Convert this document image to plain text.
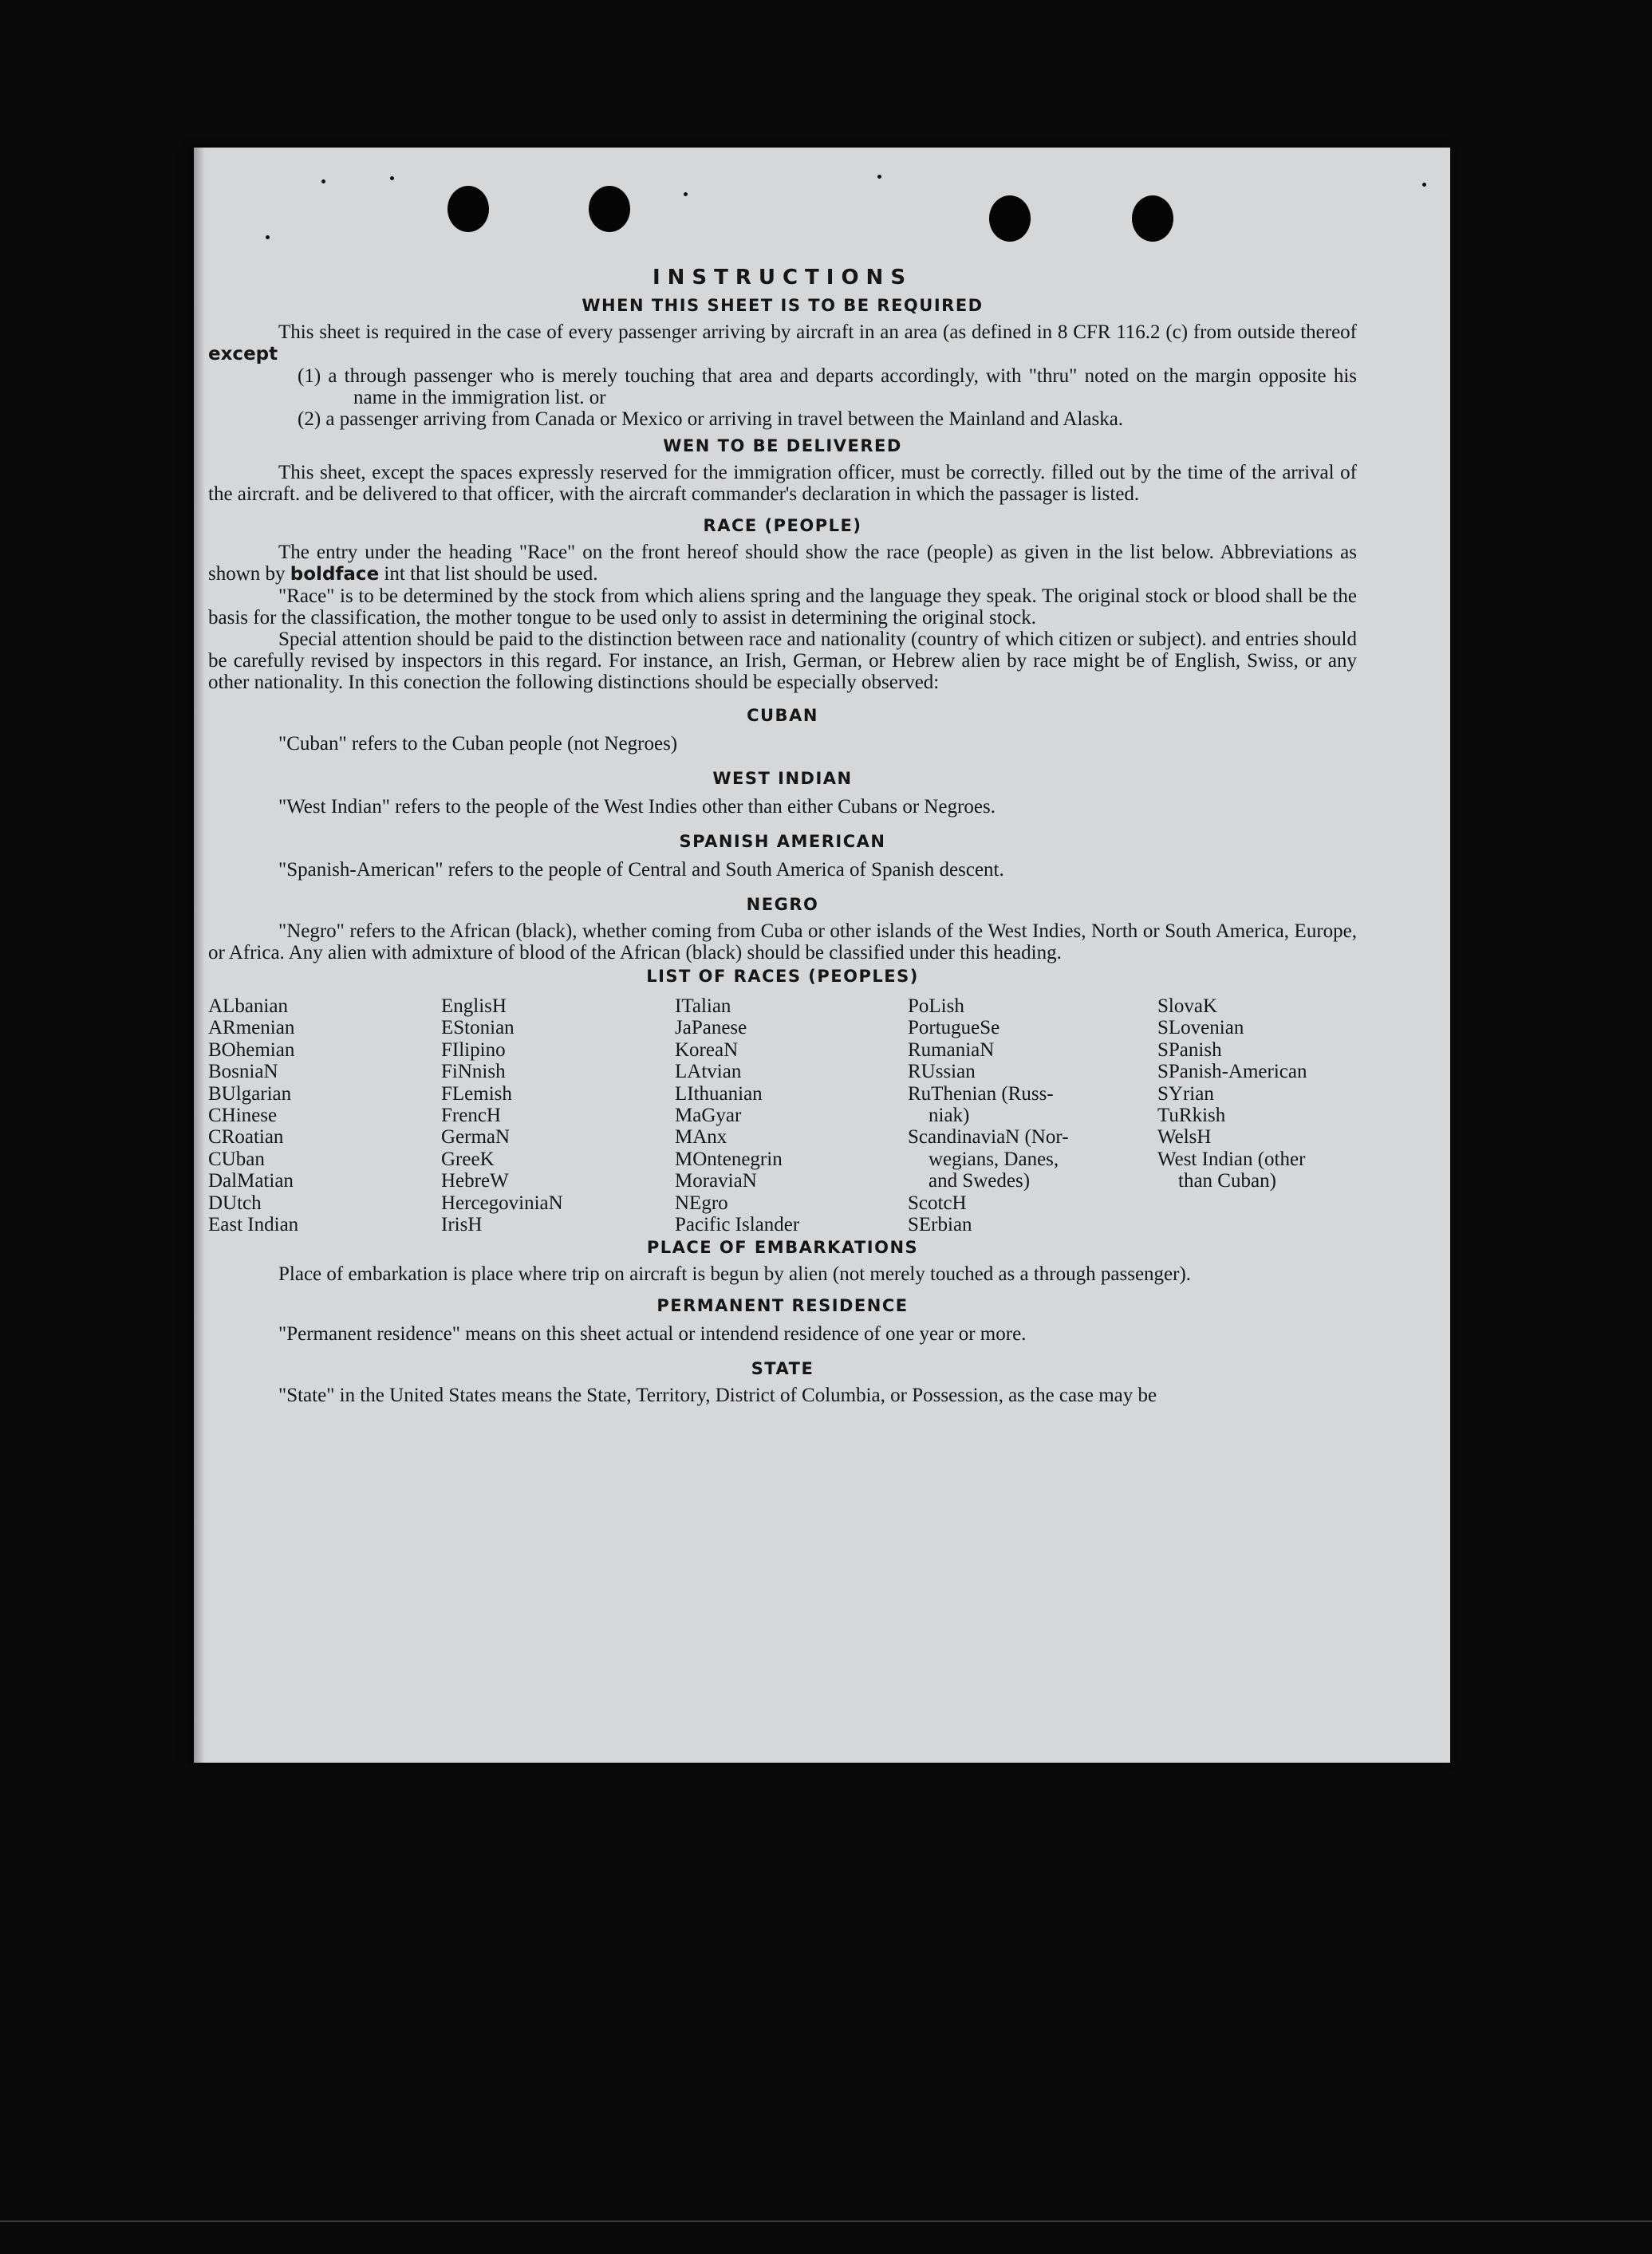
INSTRUCTIONS
WHEN THIS SHEET IS TO BE REQUIRED

This sheet is required in the case of every passenger arriving by aircraft in an area (as defined in 8 CFR 116.2 (c) from outside thereof except

(1) a through passenger who is merely touching that area and departs accordingly, with "thru" noted on the margin opposite his name in the immigration list. or

(2) a passenger arriving from Canada or Mexico or arriving in travel between the Mainland and Alaska.

WEN TO BE DELIVERED

This sheet, except the spaces expressly reserved for the immigration officer, must be correctly. filled out by the time of the arrival of the aircraft. and be delivered to that officer, with the aircraft commander's declaration in which the passager is listed.

RACE (PEOPLE)

The entry under the heading "Race" on the front hereof should show the race (people) as given in the list below. Abbreviations as shown by boldface int that list should be used.

"Race" is to be determined by the stock from which aliens spring and the language they speak. The original stock or blood shall be the basis for the classification, the mother tongue to be used only to assist in determining the original stock.

Special attention should be paid to the distinction between race and nationality (country of which citizen or subject). and entries should be carefully revised by inspectors in this regard. For instance, an Irish, German, or Hebrew alien by race might be of English, Swiss, or any other nationality. In this conection the following distinctions should be especially observed:

CUBAN

"Cuban" refers to the Cuban people (not Negroes)

WEST INDIAN

"West Indian" refers to the people of the West Indies other than either Cubans or Negroes.

SPANISH AMERICAN

"Spanish-American" refers to the people of Central and South America of Spanish descent.

NEGRO

"Negro" refers to the African (black), whether coming from Cuba or other islands of the West Indies, North or South America, Europe, or Africa. Any alien with admixture of blood of the African (black) should be classified under this heading.

LIST OF RACES (PEOPLES)
ALbanian
ARmenian
BOhemian
BosniaN
BUlgarian
CHinese
CRoatian
CUban
DalMatian
DUtch
East Indian
EnglisH
EStonian
FIlipino
FiNnish
FLemish
FrencH
GermaN
GreeK
HebreW
HercegoviniaN
IrisH
ITalian
JaPanese
KoreaN
LAtvian
LIthuanian
MaGyar
MAnx
MOntenegrin
MoraviaN
NEgro
Pacific Islander
PoLish
PortugueSe
RumaniaN
RUssian
RuThenian (Russ-
niak)
ScandinaviaN (Nor-
wegians, Danes,
and Swedes)
ScotcH
SErbian
SlovaK
SLovenian
SPanish
SPanish-American
SYrian
TuRkish
WelsH
West Indian (other
than Cuban)
PLACE OF EMBARKATIONS

Place of embarkation is place where trip on aircraft is begun by alien (not merely touched as a through passenger).

PERMANENT RESIDENCE

"Permanent residence" means on this sheet actual or intendend residence of one year or more.

STATE

"State" in the United States means the State, Territory, District of Columbia, or Possession, as the case may be
